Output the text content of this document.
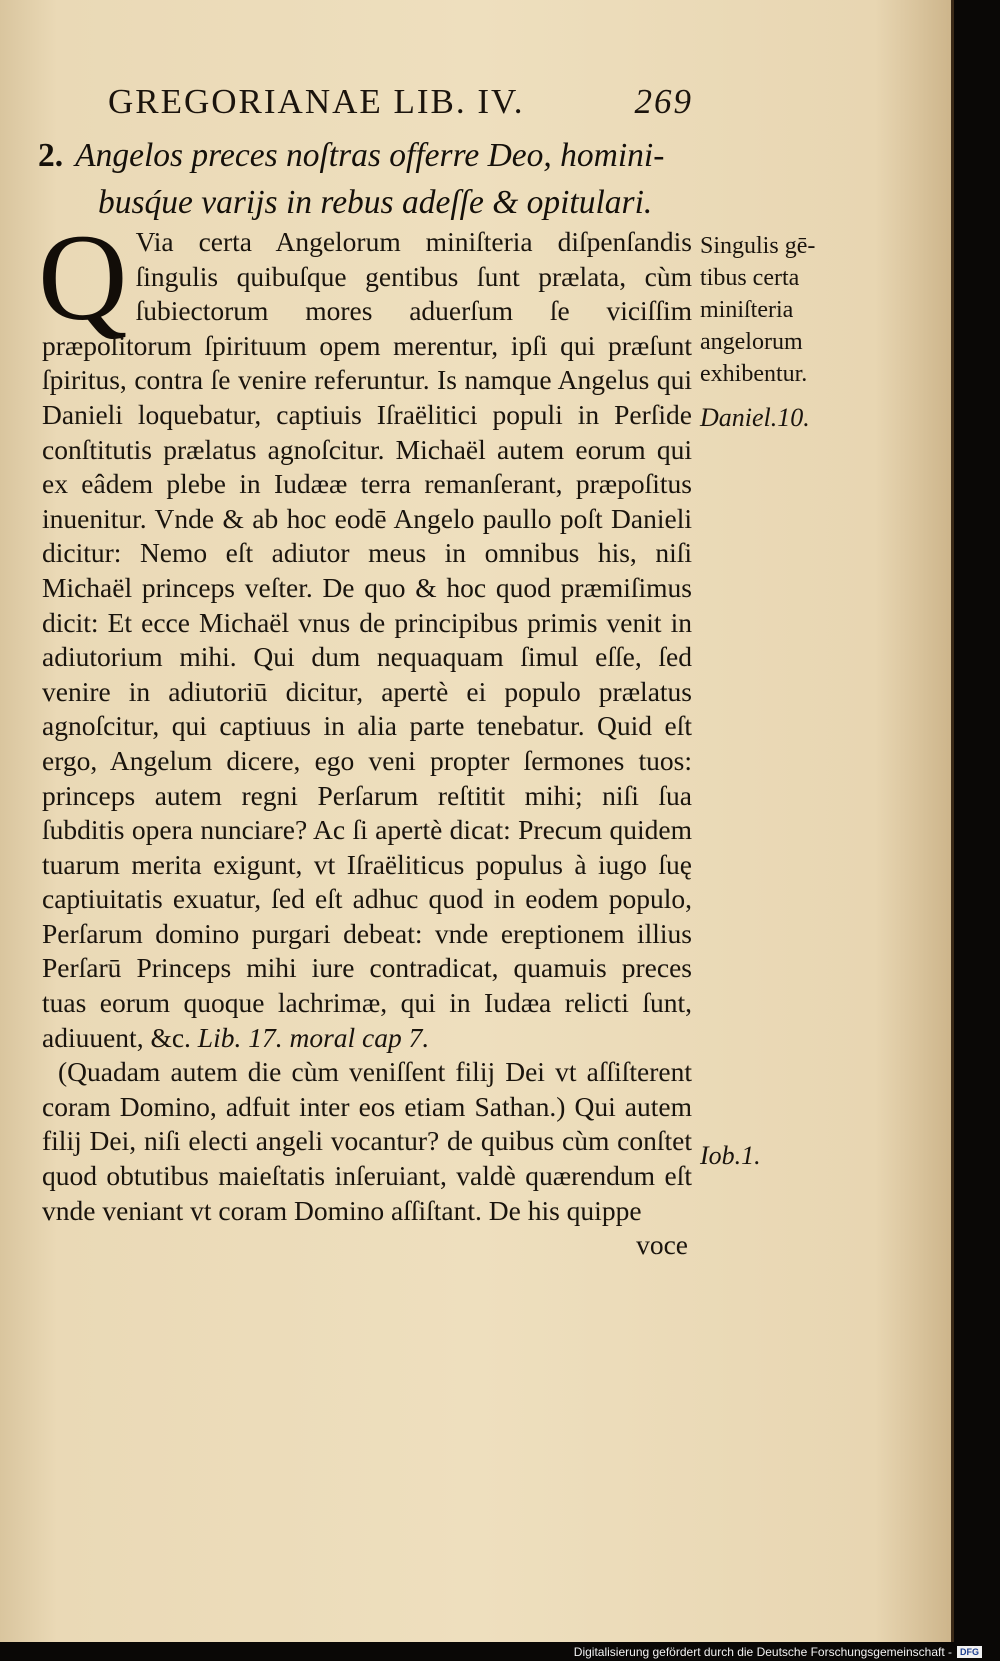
GREGORIANAE LIB. IV.	269
2. Angelos preces noſtras offerre Deo, homini-
busq́ue varijs in rebus adeſſe & opitulari.

Q Via certa Angelorum miniſteria diſpenſandis ſingulis quibuſque gentibus ſunt prælata, cùm ſubiectorum mores aduerſum ſe viciſſim præpoſitorum ſpirituum opem merentur, ipſi qui præſunt ſpiritus, contra ſe venire referuntur. Is namque Angelus qui Danieli loquebatur, captiuis Iſraëlitici populi in Perſide conſtitutis prælatus agnoſcitur. Michaël autem eorum qui ex eâdem plebe in Iudææ terra remanſerant, præpoſitus inuenitur. Vnde & ab hoc eodē Angelo paullo poſt Danieli dicitur: Nemo eſt adiutor meus in omnibus his, niſi Michaël princeps veſter. De quo & hoc quod præmiſimus dicit: Et ecce Michaël vnus de principibus primis venit in adiutorium mihi. Qui dum nequaquam ſimul eſſe, ſed venire in adiutoriū dicitur, apertè ei populo prælatus agnoſcitur, qui captiuus in alia parte tenebatur. Quid eſt ergo, Angelum dicere, ego veni propter ſermones tuos: princeps autem regni Perſarum reſtitit mihi; niſi ſua ſubditis opera nunciare? Ac ſi apertè dicat: Precum quidem tuarum merita exigunt, vt Iſraëliticus populus à iugo ſuę captiuitatis exuatur, ſed eſt adhuc quod in eodem populo, Perſarum domino purgari debeat: vnde ereptionem illius Perſarū Princeps mihi iure contradicat, quamuis preces tuas eorum quoque lachrimæ, qui in Iudæa relicti ſunt, adiuuent, &c. Lib. 17. moral cap 7.

(Quadam autem die cùm veniſſent filij Dei vt aſſiſterent coram Domino, adfuit inter eos etiam Sathan.) Qui autem filij Dei, niſi electi angeli vocantur? de quibus cùm conſtet quod obtutibus maieſtatis inſeruiant, valdè quærendum eſt vnde veniant vt coram Domino aſſiſtant. De his quippe

voce

Singulis gē-tibus certa miniſteria angelorum exhibentur.
Daniel.10.
Iob.1.
Digitalisierung gefördert durch die Deutsche Forschungsgemeinschaft - DFG
